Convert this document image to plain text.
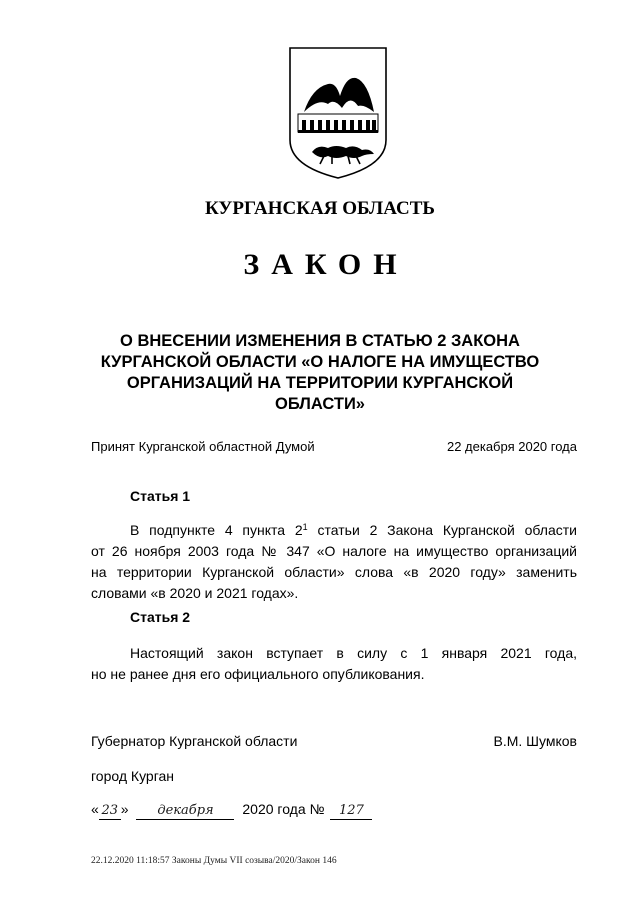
КУРГАНСКАЯ ОБЛАСТЬ
ЗАКОН
О ВНЕСЕНИИ ИЗМЕНЕНИЯ В СТАТЬЮ 2 ЗАКОНА
КУРГАНСКОЙ ОБЛАСТИ «О НАЛОГЕ НА ИМУЩЕСТВО
ОРГАНИЗАЦИЙ НА ТЕРРИТОРИИ КУРГАНСКОЙ
ОБЛАСТИ»
Принят Курганской областной Думой	22 декабря 2020 года
Статья 1
В подпункте 4 пункта $2^1$ статьи 2 Закона Курганской области
от 26 ноября 2003 года № 347 «О налоге на имущество организаций
на территории Курганской области» слова «в 2020 году» заменить
словами «в 2020 и 2021 годах».
Статья 2
Настоящий закон вступает в силу с 1 января 2021 года,
но не ранее дня его официального опубликования.
Губернатор Курганской области	В.М. Шумков
город Курган
« 23 » декабря 2020 года № 127
22.12.2020 11:18:57 Законы Думы VII созыва/2020/Закон 146
